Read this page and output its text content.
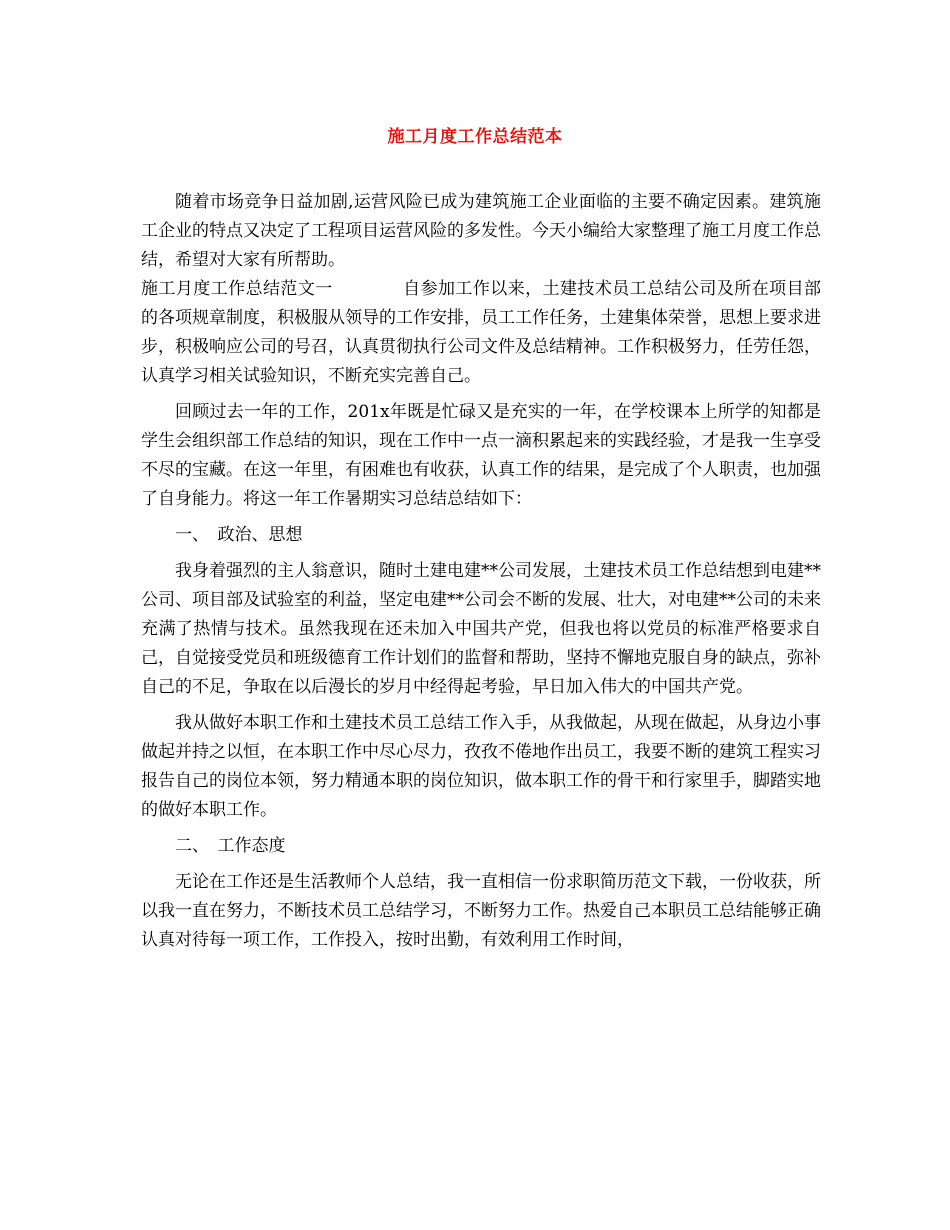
施工月度工作总结范本

随着市场竞争日益加剧,运营风险已成为建筑施工企业面临的主要不确定因素。建筑施工企业的特点又决定了工程项目运营风险的多发性。今天小编给大家整理了施工月度工作总结，希望对大家有所帮助。

施工月度工作总结范文一	自参加工作以来，土建技术员工总结公司及所在项目部的各项规章制度，积极服从领导的工作安排，员工工作任务，土建集体荣誉，思想上要求进步，积极响应公司的号召，认真贯彻执行公司文件及总结精神。工作积极努力，任劳任怨，认真学习相关试验知识，不断充实完善自己。

回顾过去一年的工作，201x年既是忙碌又是充实的一年，在学校课本上所学的知都是学生会组织部工作总结的知识，现在工作中一点一滴积累起来的实践经验，才是我一生享受不尽的宝藏。在这一年里，有困难也有收获，认真工作的结果，是完成了个人职责，也加强了自身能力。将这一年工作暑期实习总结总结如下：

一、　政治、思想

我身着强烈的主人翁意识，随时土建电建**公司发展，土建技术员工作总结想到电建**公司、项目部及试验室的利益，坚定电建**公司会不断的发展、壮大，对电建**公司的未来充满了热情与技术。虽然我现在还未加入中国共产党，但我也将以党员的标准严格要求自己，自觉接受党员和班级德育工作计划们的监督和帮助，坚持不懈地克服自身的缺点，弥补自己的不足，争取在以后漫长的岁月中经得起考验，早日加入伟大的中国共产党。

我从做好本职工作和土建技术员工总结工作入手，从我做起，从现在做起，从身边小事做起并持之以恒，在本职工作中尽心尽力，孜孜不倦地作出员工，我要不断的建筑工程实习报告自己的岗位本领，努力精通本职的岗位知识，做本职工作的骨干和行家里手，脚踏实地的做好本职工作。

二、　工作态度

无论在工作还是生活教师个人总结，我一直相信一份求职简历范文下载，一份收获，所以我一直在努力，不断技术员工总结学习，不断努力工作。热爱自己本职员工总结能够正确认真对待每一项工作，工作投入，按时出勤，有效利用工作时间，
